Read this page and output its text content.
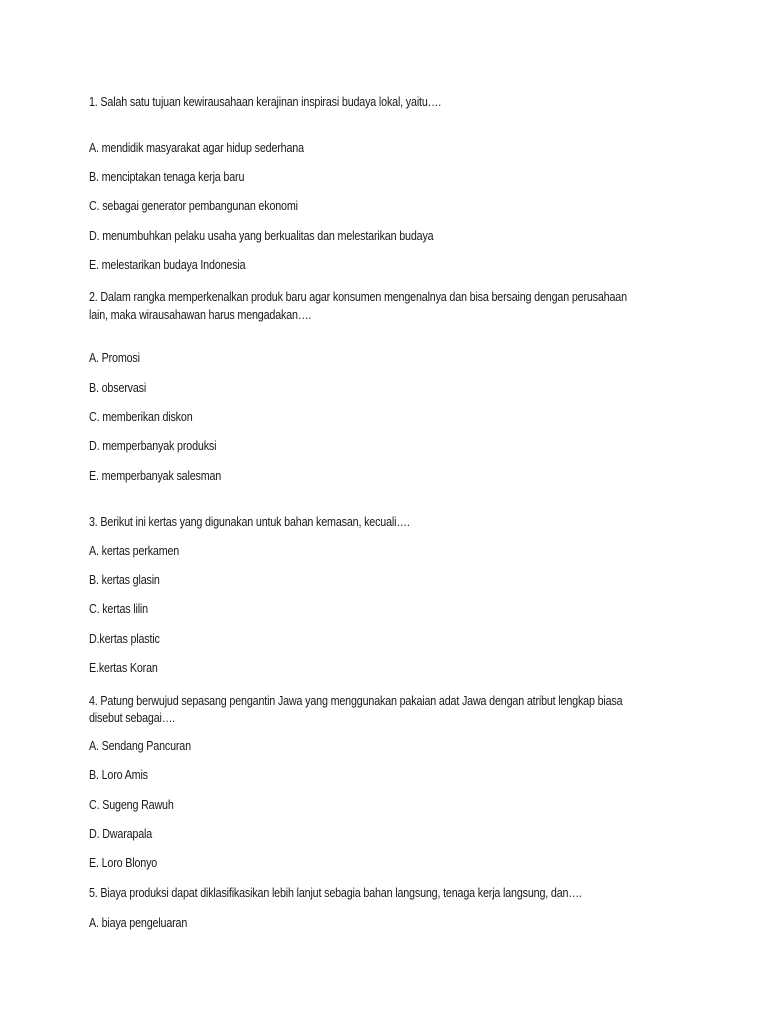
1. Salah satu tujuan kewirausahaan kerajinan inspirasi budaya lokal, yaitu….
A. mendidik masyarakat agar hidup sederhana
B. menciptakan tenaga kerja baru
C. sebagai generator pembangunan ekonomi
D. menumbuhkan pelaku usaha yang berkualitas dan melestarikan budaya
E. melestarikan budaya Indonesia
2. Dalam rangka memperkenalkan produk baru agar konsumen mengenalnya dan bisa bersaing dengan perusahaan
lain, maka wirausahawan harus mengadakan….
A. Promosi
B. observasi
C. memberikan diskon
D. memperbanyak produksi
E. memperbanyak salesman
3. Berikut ini kertas yang digunakan untuk bahan kemasan, kecuali….
A. kertas perkamen
B. kertas glasin
C. kertas lilin
D.kertas plastic
E.kertas Koran
4. Patung berwujud sepasang pengantin Jawa yang menggunakan pakaian adat Jawa dengan atribut lengkap biasa
disebut sebagai….
A. Sendang Pancuran
B. Loro Amis
C. Sugeng Rawuh
D. Dwarapala
E. Loro Blonyo
5. Biaya produksi dapat diklasifikasikan lebih lanjut sebagia bahan langsung, tenaga kerja langsung, dan….
A. biaya pengeluaran
